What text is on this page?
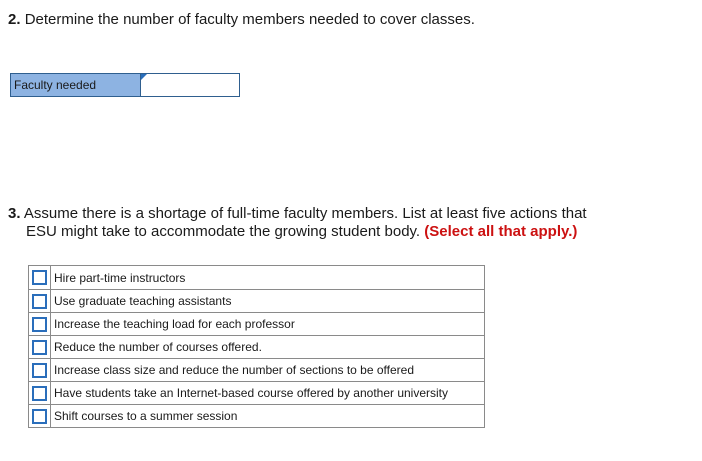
2. Determine the number of faculty members needed to cover classes.
Faculty needed
3. Assume there is a shortage of full-time faculty members. List at least five actions that
ESU might take to accommodate the growing student body. (Select all that apply.)
Hire part-time instructors
Use graduate teaching assistants
Increase the teaching load for each professor
Reduce the number of courses offered.
Increase class size and reduce the number of sections to be offered
Have students take an Internet-based course offered by another university
Shift courses to a summer session
